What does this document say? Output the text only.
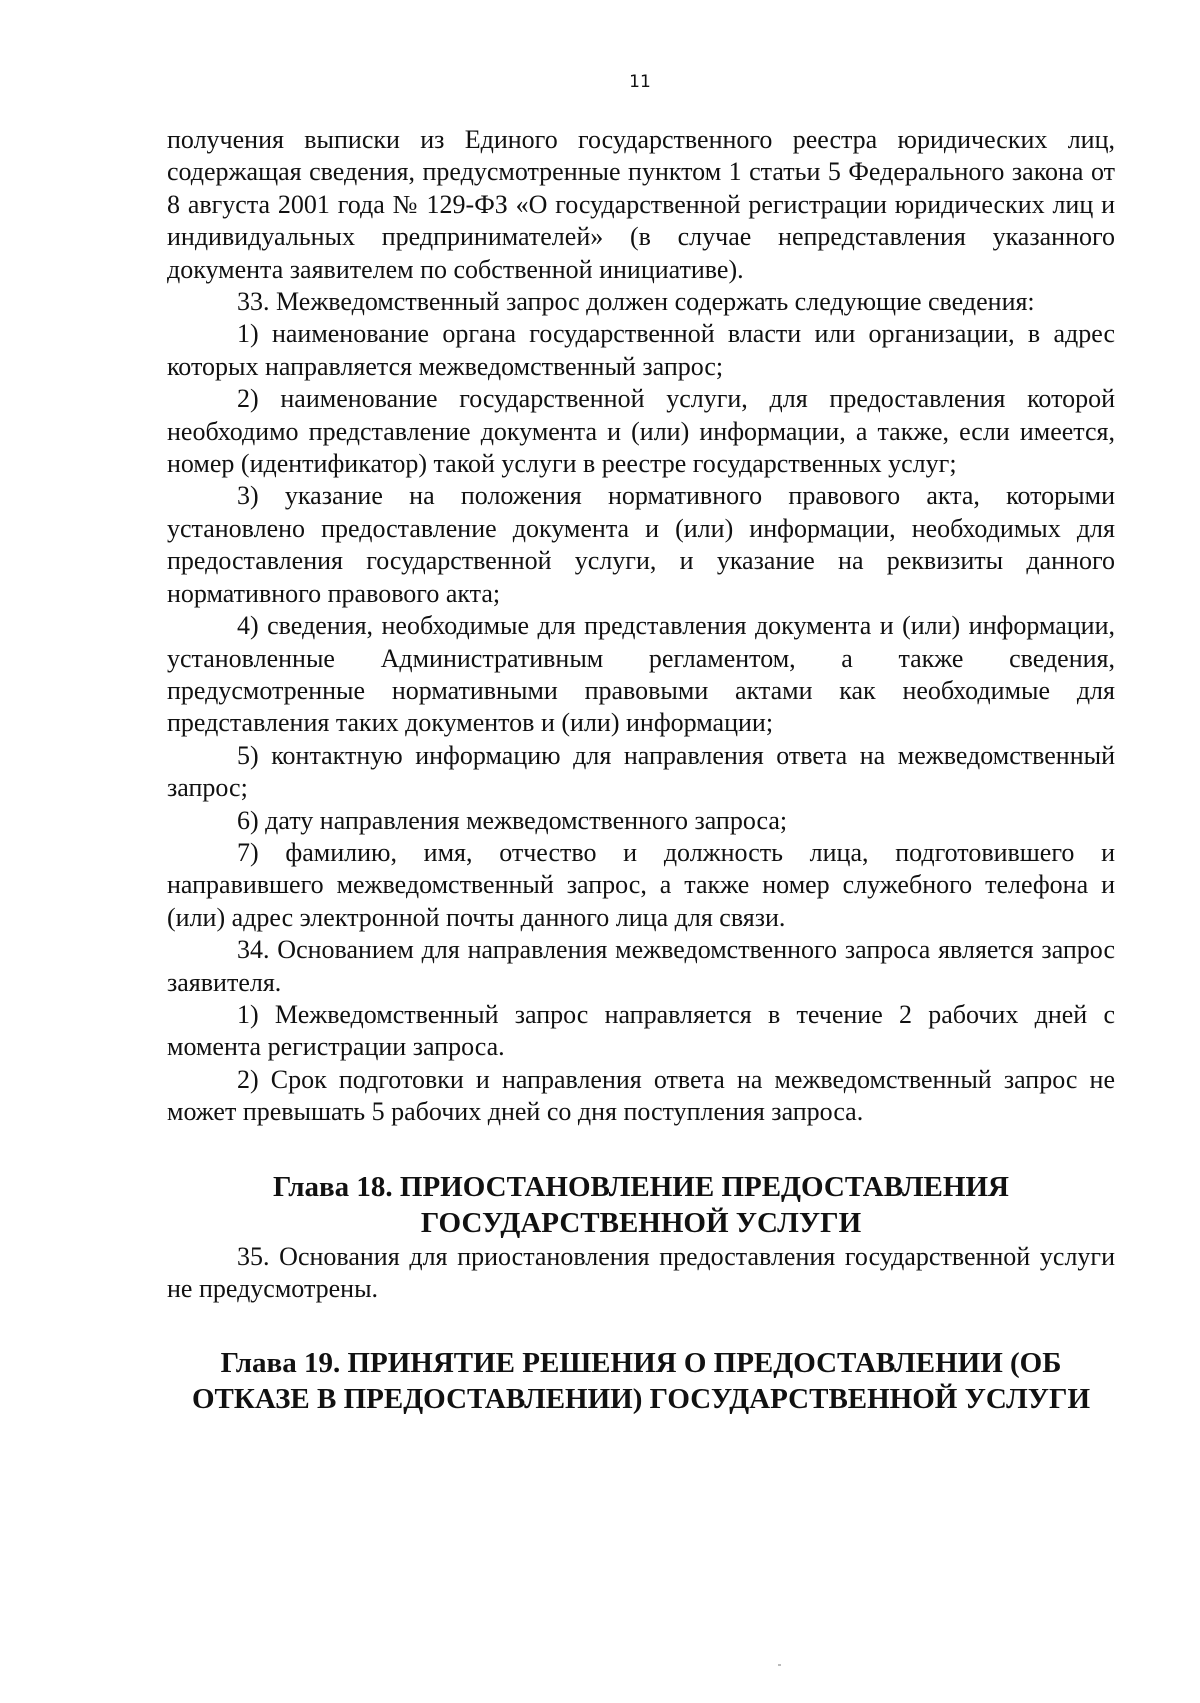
11

получения выписки из Единого государственного реестра юридических лиц, содержащая сведения, предусмотренные пунктом 1 статьи 5 Федерального закона от 8 августа 2001 года № 129-ФЗ «О государственной регистрации юридических лиц и индивидуальных предпринимателей» (в случае непредставления указанного документа заявителем по собственной инициативе).

33. Межведомственный запрос должен содержать следующие сведения:

1) наименование органа государственной власти или организации, в адрес которых направляется межведомственный запрос;

2) наименование государственной услуги, для предоставления которой необходимо представление документа и (или) информации, а также, если имеется, номер (идентификатор) такой услуги в реестре государственных услуг;

3) указание на положения нормативного правового акта, которыми установлено предоставление документа и (или) информации, необходимых для предоставления государственной услуги, и указание на реквизиты данного нормативного правового акта;

4) сведения, необходимые для представления документа и (или) информации, установленные Административным регламентом, а также сведения, предусмотренные нормативными правовыми актами как необходимые для представления таких документов и (или) информации;

5) контактную информацию для направления ответа на межведомственный запрос;

6) дату направления межведомственного запроса;

7) фамилию, имя, отчество и должность лица, подготовившего и направившего межведомственный запрос, а также номер служебного телефона и (или) адрес электронной почты данного лица для связи.

34. Основанием для направления межведомственного запроса является запрос заявителя.

1) Межведомственный запрос направляется в течение 2 рабочих дней с момента регистрации запроса.

2) Срок подготовки и направления ответа на межведомственный запрос не может превышать 5 рабочих дней со дня поступления запроса.

Глава 18. ПРИОСТАНОВЛЕНИЕ ПРЕДОСТАВЛЕНИЯ
ГОСУДАРСТВЕННОЙ УСЛУГИ

35. Основания для приостановления предоставления государственной услуги не предусмотрены.

Глава 19. ПРИНЯТИЕ РЕШЕНИЯ О ПРЕДОСТАВЛЕНИИ (ОБ
ОТКАЗЕ В ПРЕДОСТАВЛЕНИИ) ГОСУДАРСТВЕННОЙ УСЛУГИ
